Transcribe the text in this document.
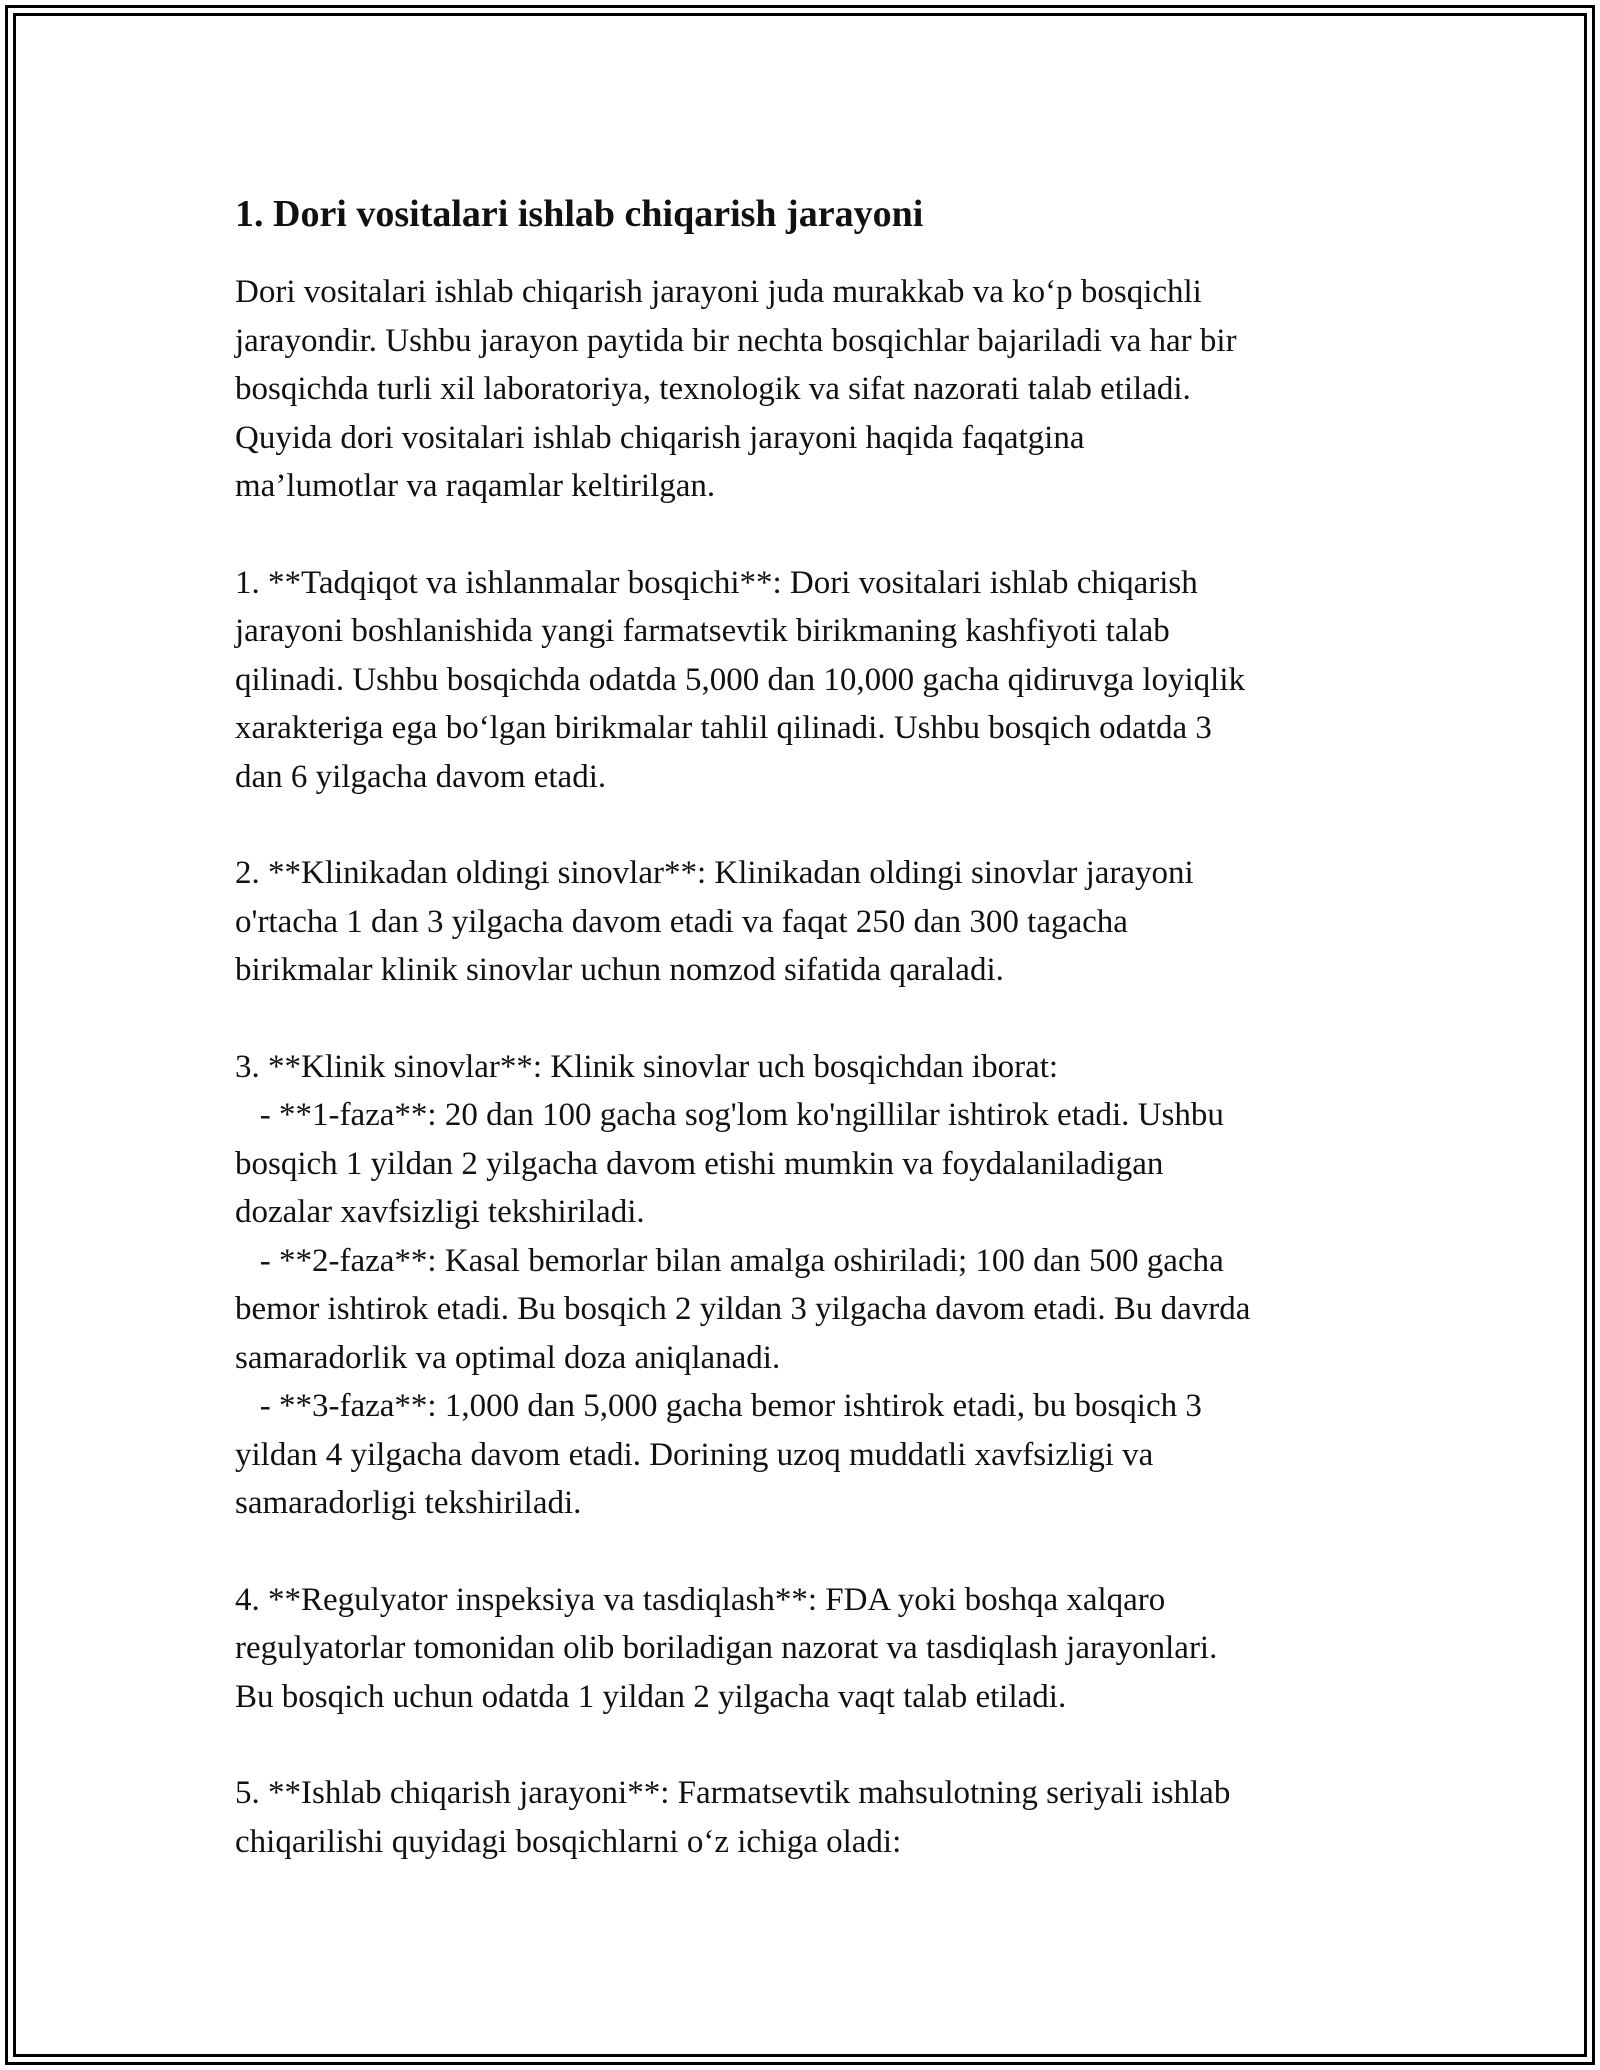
1. Dori vositalari ishlab chiqarish jarayoni

Dori vositalari ishlab chiqarish jarayoni juda murakkab va ko‘p bosqichli
jarayondir. Ushbu jarayon paytida bir nechta bosqichlar bajariladi va har bir
bosqichda turli xil laboratoriya, texnologik va sifat nazorati talab etiladi.
Quyida dori vositalari ishlab chiqarish jarayoni haqida faqatgina
ma’lumotlar va raqamlar keltirilgan.

1. **Tadqiqot va ishlanmalar bosqichi**: Dori vositalari ishlab chiqarish
jarayoni boshlanishida yangi farmatsevtik birikmaning kashfiyoti talab
qilinadi. Ushbu bosqichda odatda 5,000 dan 10,000 gacha qidiruvga loyiqlik
xarakteriga ega bo‘lgan birikmalar tahlil qilinadi. Ushbu bosqich odatda 3
dan 6 yilgacha davom etadi.

2. **Klinikadan oldingi sinovlar**: Klinikadan oldingi sinovlar jarayoni
o'rtacha 1 dan 3 yilgacha davom etadi va faqat 250 dan 300 tagacha
birikmalar klinik sinovlar uchun nomzod sifatida qaraladi.

3. **Klinik sinovlar**: Klinik sinovlar uch bosqichdan iborat:
- **1-faza**: 20 dan 100 gacha sog'lom ko'ngillilar ishtirok etadi. Ushbu
bosqich 1 yildan 2 yilgacha davom etishi mumkin va foydalaniladigan
dozalar xavfsizligi tekshiriladi.
- **2-faza**: Kasal bemorlar bilan amalga oshiriladi; 100 dan 500 gacha
bemor ishtirok etadi. Bu bosqich 2 yildan 3 yilgacha davom etadi. Bu davrda
samaradorlik va optimal doza aniqlanadi.
- **3-faza**: 1,000 dan 5,000 gacha bemor ishtirok etadi, bu bosqich 3
yildan 4 yilgacha davom etadi. Dorining uzoq muddatli xavfsizligi va
samaradorligi tekshiriladi.

4. **Regulyator inspeksiya va tasdiqlash**: FDA yoki boshqa xalqaro
regulyatorlar tomonidan olib boriladigan nazorat va tasdiqlash jarayonlari.
Bu bosqich uchun odatda 1 yildan 2 yilgacha vaqt talab etiladi.

5. **Ishlab chiqarish jarayoni**: Farmatsevtik mahsulotning seriyali ishlab
chiqarilishi quyidagi bosqichlarni o‘z ichiga oladi:
